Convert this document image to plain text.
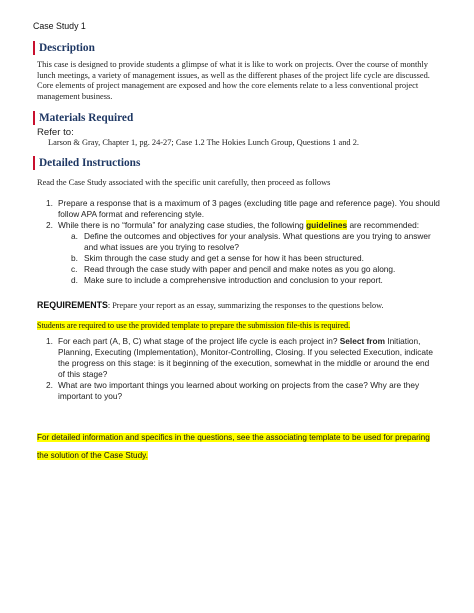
Case Study 1
Description
This case is designed to provide students a glimpse of what it is like to work on projects. Over the course of monthly lunch meetings, a variety of management issues, as well as the different phases of the project life cycle are discussed. Core elements of project management are exposed and how the core elements relate to a less conventional project management business.
Materials Required
Refer to:
Larson & Gray, Chapter 1, pg. 24-27; Case 1.2 The Hokies Lunch Group, Questions 1 and 2.
Detailed Instructions
Read the Case Study associated with the specific unit carefully, then proceed as follows
1. Prepare a response that is a maximum of 3 pages (excluding title page and reference page). You should follow APA format and referencing style.
2. While there is no “formula” for analyzing case studies, the following guidelines are recommended:
a. Define the outcomes and objectives for your analysis. What questions are you trying to answer and what issues are you trying to resolve?
b. Skim through the case study and get a sense for how it has been structured.
c. Read through the case study with paper and pencil and make notes as you go along.
d. Make sure to include a comprehensive introduction and conclusion to your report.
REQUIREMENTS: Prepare your report as an essay, summarizing the responses to the questions below.
Students are required to use the provided template to prepare the submission file-this is required.
1. For each part (A, B, C) what stage of the project life cycle is each project in? Select from Initiation, Planning, Executing (Implementation), Monitor-Controlling, Closing. If you selected Execution, indicate the progress on this stage: is it beginning of the execution, somewhat in the middle or around the end of this stage?
2. What are two important things you learned about working on projects from the case? Why are they important to you?
For detailed information and specifics in the questions, see the associating template to be used for preparing the solution of the Case Study.
